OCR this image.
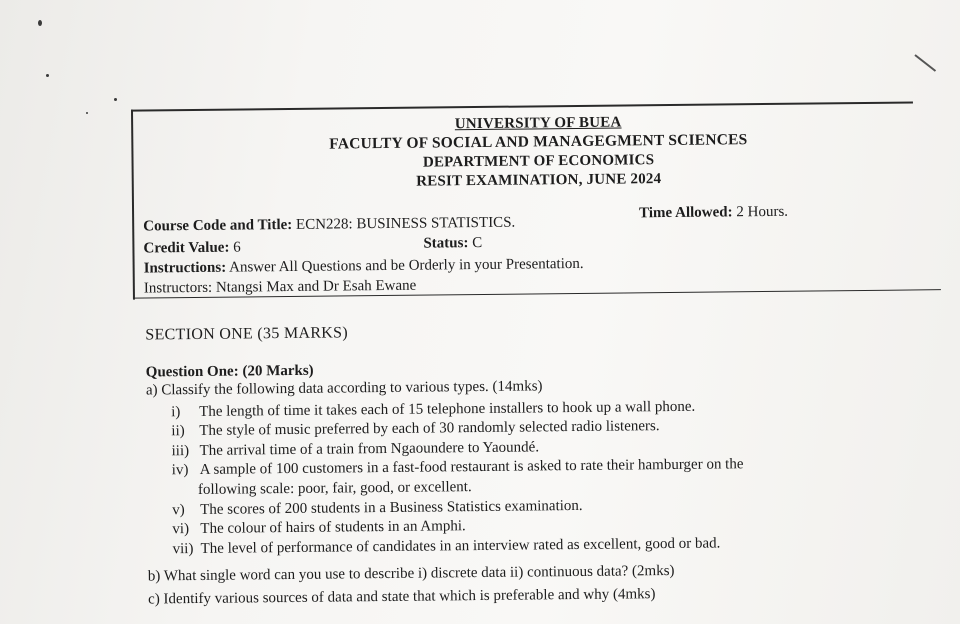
UNIVERSITY OF BUEA
FACULTY OF SOCIAL AND MANAGEGMENT SCIENCES
DEPARTMENT OF ECONOMICS
RESIT EXAMINATION, JUNE 2024
Course Code and Title: ECN228: BUSINESS STATISTICS.
Time Allowed: 2 Hours.
Credit Value: 6	Status: C
Instructions: Answer All Questions and be Orderly in your Presentation.
Instructors: Ntangsi Max and Dr Esah Ewane
SECTION ONE (35 MARKS)
Question One: (20 Marks)
a) Classify the following data according to various types. (14mks)
i) The length of time it takes each of 15 telephone installers to hook up a wall phone.
ii) The style of music preferred by each of 30 randomly selected radio listeners.
iii) The arrival time of a train from Ngaoundere to Yaoundé.
iv) A sample of 100 customers in a fast-food restaurant is asked to rate their hamburger on the
following scale: poor, fair, good, or excellent.
v) The scores of 200 students in a Business Statistics examination.
vi) The colour of hairs of students in an Amphi.
vii) The level of performance of candidates in an interview rated as excellent, good or bad.
b) What single word can you use to describe i) discrete data ii) continuous data? (2mks)
c) Identify various sources of data and state that which is preferable and why (4mks)
